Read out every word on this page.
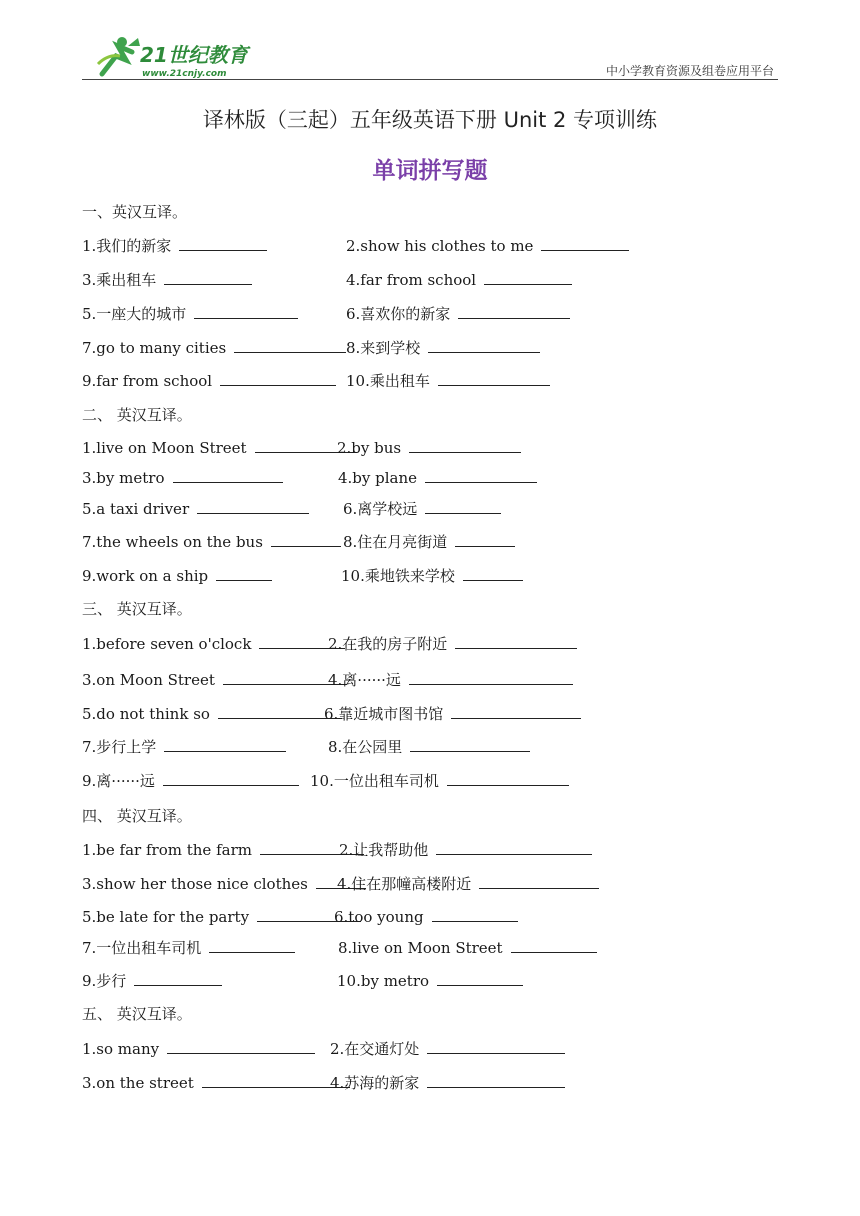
21世纪教育
www.21cnjy.com	中小学教育资源及组卷应用平台
译林版（三起）五年级英语下册 Unit 2 专项训练
单词拼写题
一、英汉互译。
1.我们的新家	2.show his clothes to me
3.乘出租车	4.far from school
5.一座大的城市	6.喜欢你的新家
7.go to many cities	8.来到学校
9.far from school	10.乘出租车
二、 英汉互译。
1.live on Moon Street	2.by bus
3.by metro	4.by plane
5.a taxi driver	6.离学校远
7.the wheels on the bus	8.住在月亮街道
9.work on a ship	10.乘地铁来学校
三、 英汉互译。
1.before seven o'clock	2.在我的房子附近
3.on Moon Street	4.离······远
5.do not think so	6.靠近城市图书馆
7.步行上学	8.在公园里
9.离······远	10.一位出租车司机
四、 英汉互译。
1.be far from the farm	2.让我帮助他
3.show her those nice clothes	4.住在那幢高楼附近
5.be late for the party	6.too young
7.一位出租车司机	8.live on Moon Street
9.步行	10.by metro
五、 英汉互译。
1.so many	2.在交通灯处
3.on the street	4.苏海的新家
